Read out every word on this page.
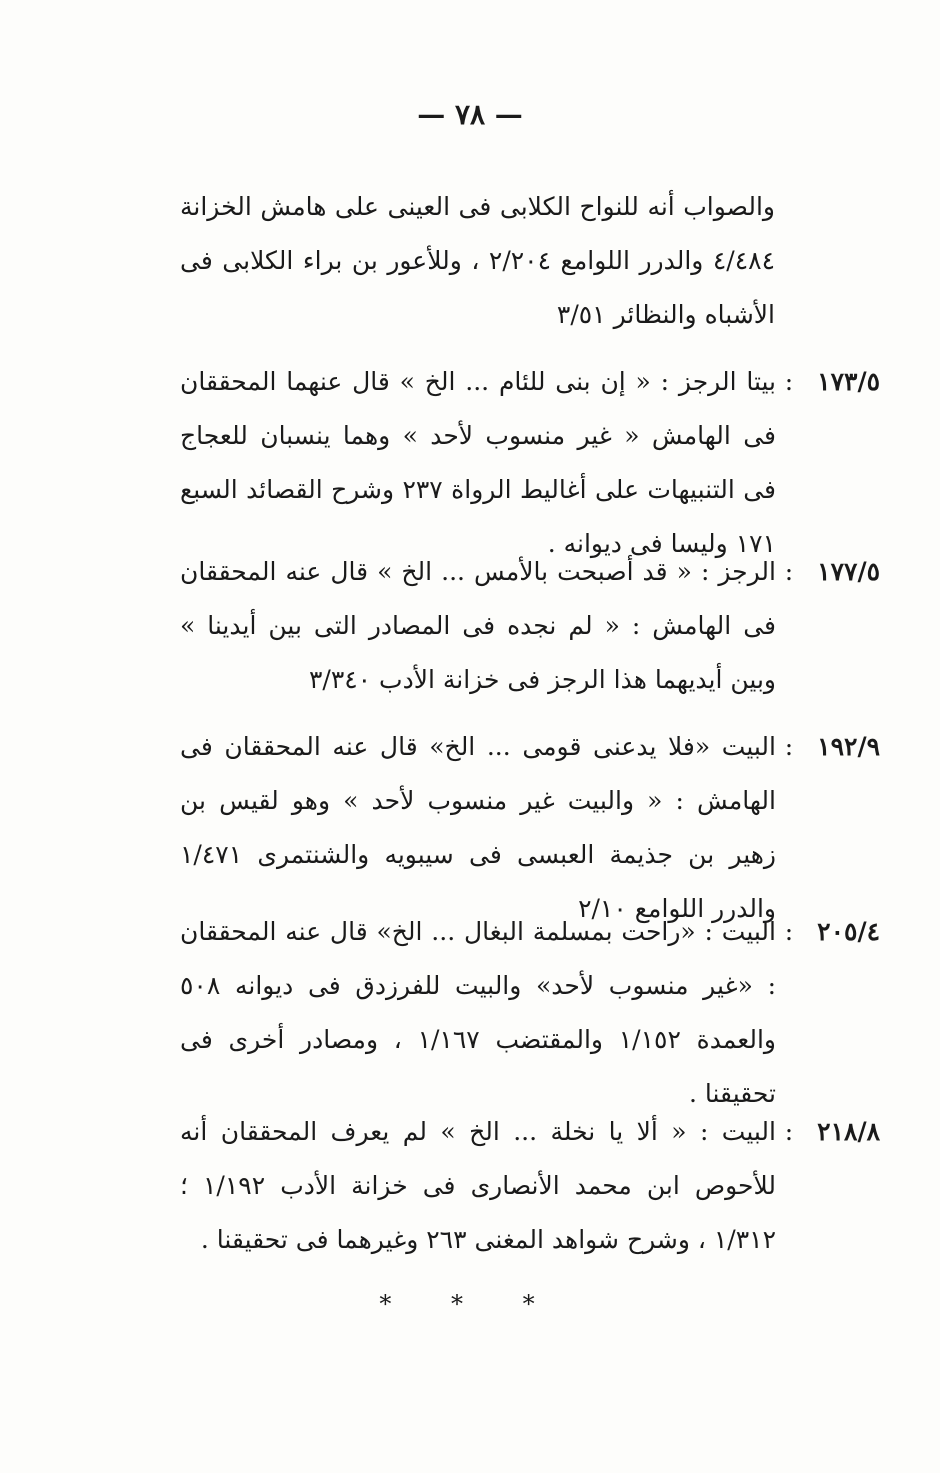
— ٧٨ —

والصواب أنه للنواح الكلابى فى العينى على هامش الخزانة ٤/٤٨٤ والدرر اللوامع ٢/٢٠٤ ، وللأعور بن براء الكلابى فى الأشباه والنظائر ٣/٥١

١٧٣/٥
:
بيتا الرجز : « إن بنى للئام ... الخ » قال عنهما المحققان فى الهامش « غير منسوب لأحد » وهما ينسبان للعجاج فى التنبيهات على أغاليط الرواة ٢٣٧ وشرح القصائد السبع ١٧١ وليسا فى ديوانه .
١٧٧/٥
:
الرجز : « قد أصبحت بالأمس ... الخ » قال عنه المحققان فى الهامش : « لم نجده فى المصادر التى بين أيدينا » وبين أيديهما هذا الرجز فى خزانة الأدب ٣/٣٤٠
١٩٢/٩
:
البيت «فلا يدعنى قومى ... الخ» قال عنه المحققان فى الهامش : « والبيت غير منسوب لأحد » وهو لقيس بن زهير بن جذيمة العبسى فى سيبويه والشنتمرى ١/٤٧١ والدرر اللوامع ٢/١٠
٢٠٥/٤
:
البيت : «راحت بمسلمة البغال ... الخ» قال عنه المحققان : «غير منسوب لأحد» والبيت للفرزدق فى ديوانه ٥٠٨ والعمدة ١/١٥٢ والمقتضب ١/١٦٧ ، ومصادر أخرى فى تحقيقنا .
٢١٨/٨
:
البيت : « ألا يا نخلة ... الخ » لم يعرف المحققان أنه للأحوص ابن محمد الأنصارى فى خزانة الأدب ١/١٩٢ ؛ ١/٣١٢ ، وشرح شواهد المغنى ٢٦٣ وغيرهما فى تحقيقنا .
* * *
